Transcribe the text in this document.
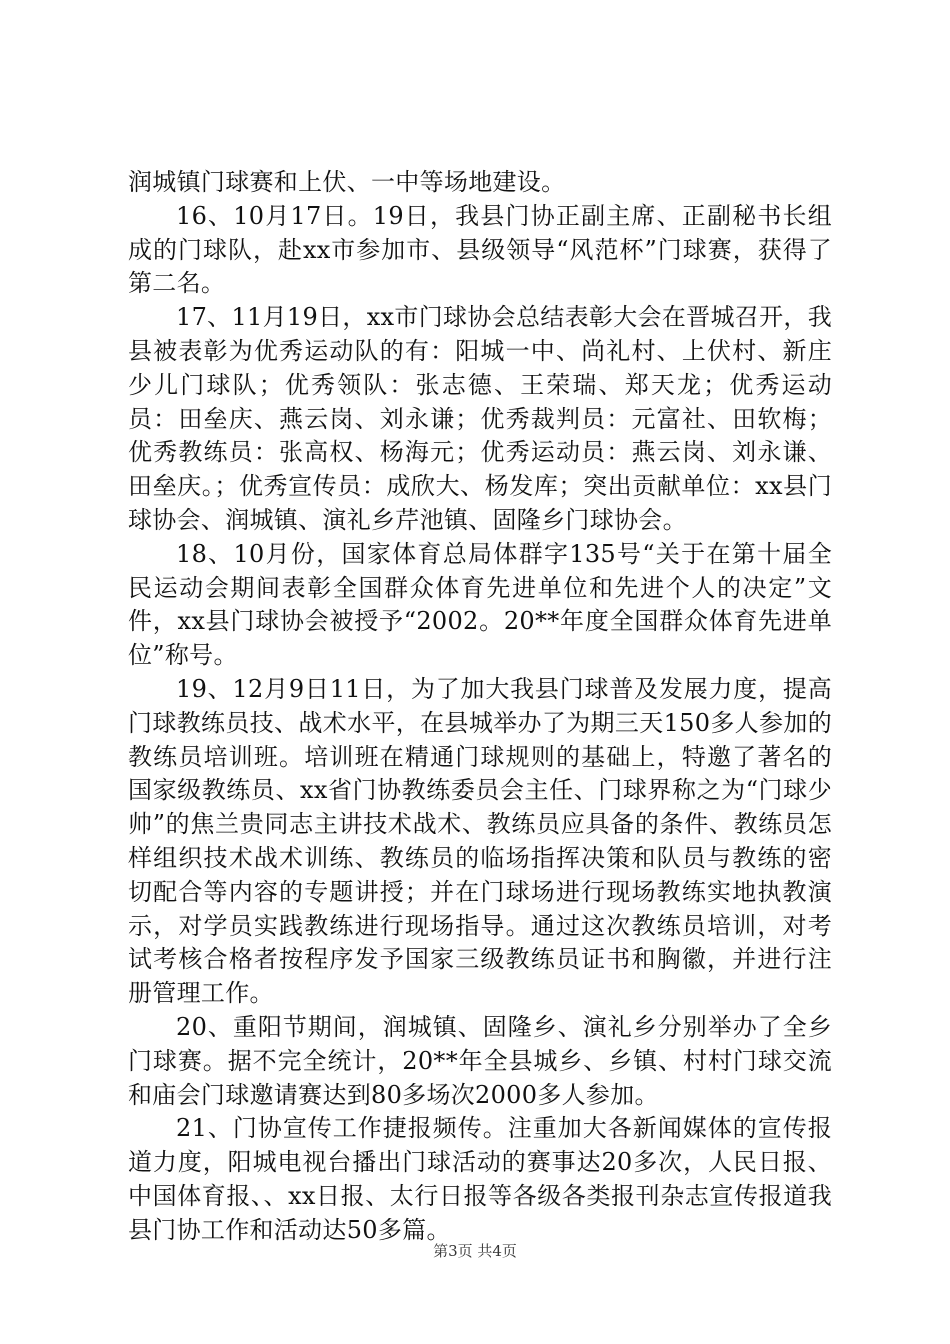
润城镇门球赛和上伏、一中等场地建设。

16、10月17日。19日，我县门协正副主席、正副秘书长组成的门球队，赴xx市参加市、县级领导“风范杯”门球赛，获得了第二名。

17、11月19日，xx市门球协会总结表彰大会在晋城召开，我县被表彰为优秀运动队的有：阳城一中、尚礼村、上伏村、新庄少儿门球队；优秀领队：张志德、王荣瑞、郑天龙；优秀运动员：田垒庆、燕云岗、刘永谦；优秀裁判员：元富社、田软梅；优秀教练员：张高权、杨海元；优秀运动员：燕云岗、刘永谦、田垒庆。；优秀宣传员：成欣大、杨发库；突出贡献单位：xx县门球协会、润城镇、演礼乡芹池镇、固隆乡门球协会。

18、10月份，国家体育总局体群字135号“关于在第十届全民运动会期间表彰全国群众体育先进单位和先进个人的决定”文件，xx县门球协会被授予“2002。20**年度全国群众体育先进单位”称号。

19、12月9日11日，为了加大我县门球普及发展力度，提高门球教练员技、战术水平，在县城举办了为期三天150多人参加的教练员培训班。培训班在精通门球规则的基础上，特邀了著名的国家级教练员、xx省门协教练委员会主任、门球界称之为“门球少帅”的焦兰贵同志主讲技术战术、教练员应具备的条件、教练员怎样组织技术战术训练、教练员的临场指挥决策和队员与教练的密切配合等内容的专题讲授；并在门球场进行现场教练实地执教演示，对学员实践教练进行现场指导。通过这次教练员培训，对考试考核合格者按程序发予国家三级教练员证书和胸徽，并进行注册管理工作。

20、重阳节期间，润城镇、固隆乡、演礼乡分别举办了全乡门球赛。据不完全统计，20**年全县城乡、乡镇、村村门球交流和庙会门球邀请赛达到80多场次2000多人参加。

21、门协宣传工作捷报频传。注重加大各新闻媒体的宣传报道力度，阳城电视台播出门球活动的赛事达20多次，人民日报、中国体育报、、xx日报、太行日报等各级各类报刊杂志宣传报道我县门协工作和活动达50多篇。

第3页 共4页
